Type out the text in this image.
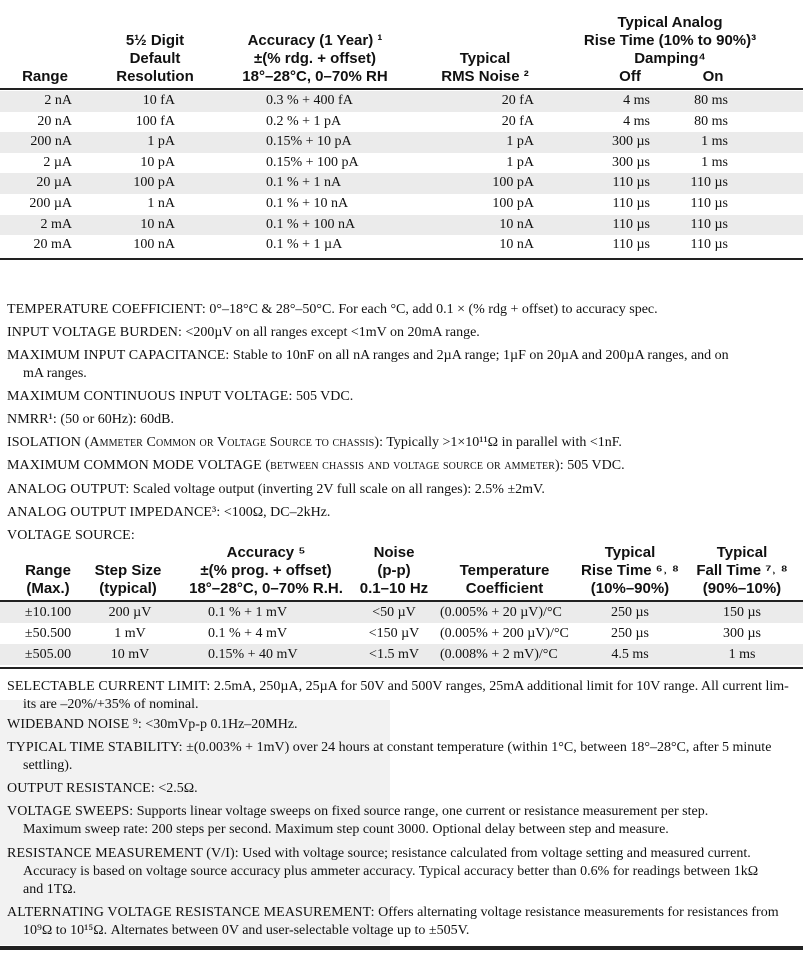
Range
5½ Digit
Default
Resolution
Accuracy (1 Year) ¹
±(% rdg. + offset)
18°–28°C, 0–70% RH
Typical
RMS Noise ²
Typical Analog
Rise Time (10% to 90%)³
Damping⁴
Off	On
2 nA	10 fA	0.3 % + 400 fA	20 fA	4 ms	80 ms
20 nA	100 fA	0.2 % + 1 pA	20 fA	4 ms	80 ms
200 nA	1 pA	0.15% + 10 pA	1 pA	300 µs	1 ms
2 µA	10 pA	0.15% + 100 pA	1 pA	300 µs	1 ms
20 µA	100 pA	0.1 % + 1 nA	100 pA	110 µs	110 µs
200 µA	1 nA	0.1 % + 10 nA	100 pA	110 µs	110 µs
2 mA	10 nA	0.1 % + 100 nA	10 nA	110 µs	110 µs
20 mA	100 nA	0.1 % + 1 µA	10 nA	110 µs	110 µs
TEMPERATURE COEFFICIENT: 0°–18°C & 28°–50°C. For each °C, add 0.1 × (% rdg + offset) to accuracy spec.
INPUT VOLTAGE BURDEN: <200µV on all ranges except <1mV on 20mA range.
MAXIMUM INPUT CAPACITANCE: Stable to 10nF on all nA ranges and 2µA range; 1µF on 20µA and 200µA ranges, and on
mA ranges.
MAXIMUM CONTINUOUS INPUT VOLTAGE: 505 VDC.
NMRR¹: (50 or 60Hz): 60dB.
ISOLATION (Ammeter Common or Voltage Source to chassis): Typically >1×10¹¹Ω in parallel with <1nF.
MAXIMUM COMMON MODE VOLTAGE (between chassis and voltage source or ammeter): 505 VDC.
ANALOG OUTPUT: Scaled voltage output (inverting 2V full scale on all ranges): 2.5% ±2mV.
ANALOG OUTPUT IMPEDANCE³: <100Ω, DC–2kHz.
VOLTAGE SOURCE:
Range
(Max.)
Step Size
(typical)
Accuracy ⁵
±(% prog. + offset)
18°–28°C, 0–70% R.H.
Noise
(p-p)
0.1–10 Hz
Temperature
Coefficient
Typical
Rise Time ⁶˒ ⁸
(10%–90%)
Typical
Fall Time ⁷˒ ⁸
(90%–10%)
±10.100	200 µV	0.1 % + 1 mV	<50 µV	(0.005% + 20 µV)/°C	250 µs	150 µs
±50.500	1 mV	0.1 % + 4 mV	<150 µV	(0.005% + 200 µV)/°C	250 µs	300 µs
±505.00	10 mV	0.15% + 40 mV	<1.5 mV	(0.008% + 2 mV)/°C	4.5 ms	1 ms
SELECTABLE CURRENT LIMIT: 2.5mA, 250µA, 25µA for 50V and 500V ranges, 25mA additional limit for 10V range. All current lim-
its are –20%/+35% of nominal.
WIDEBAND NOISE ⁹: <30mVp-p 0.1Hz–20MHz.
TYPICAL TIME STABILITY: ±(0.003% + 1mV) over 24 hours at constant temperature (within 1°C, between 18°–28°C, after 5 minute
settling).
OUTPUT RESISTANCE: <2.5Ω.
VOLTAGE SWEEPS: Supports linear voltage sweeps on fixed source range, one current or resistance measurement per step.
Maximum sweep rate: 200 steps per second. Maximum step count 3000. Optional delay between step and measure.
RESISTANCE MEASUREMENT (V/I): Used with voltage source; resistance calculated from voltage setting and measured current.
Accuracy is based on voltage source accuracy plus ammeter accuracy. Typical accuracy better than 0.6% for readings between 1kΩ
and 1TΩ.
ALTERNATING VOLTAGE RESISTANCE MEASUREMENT: Offers alternating voltage resistance measurements for resistances from
10⁹Ω to 10¹⁵Ω. Alternates between 0V and user-selectable voltage up to ±505V.
